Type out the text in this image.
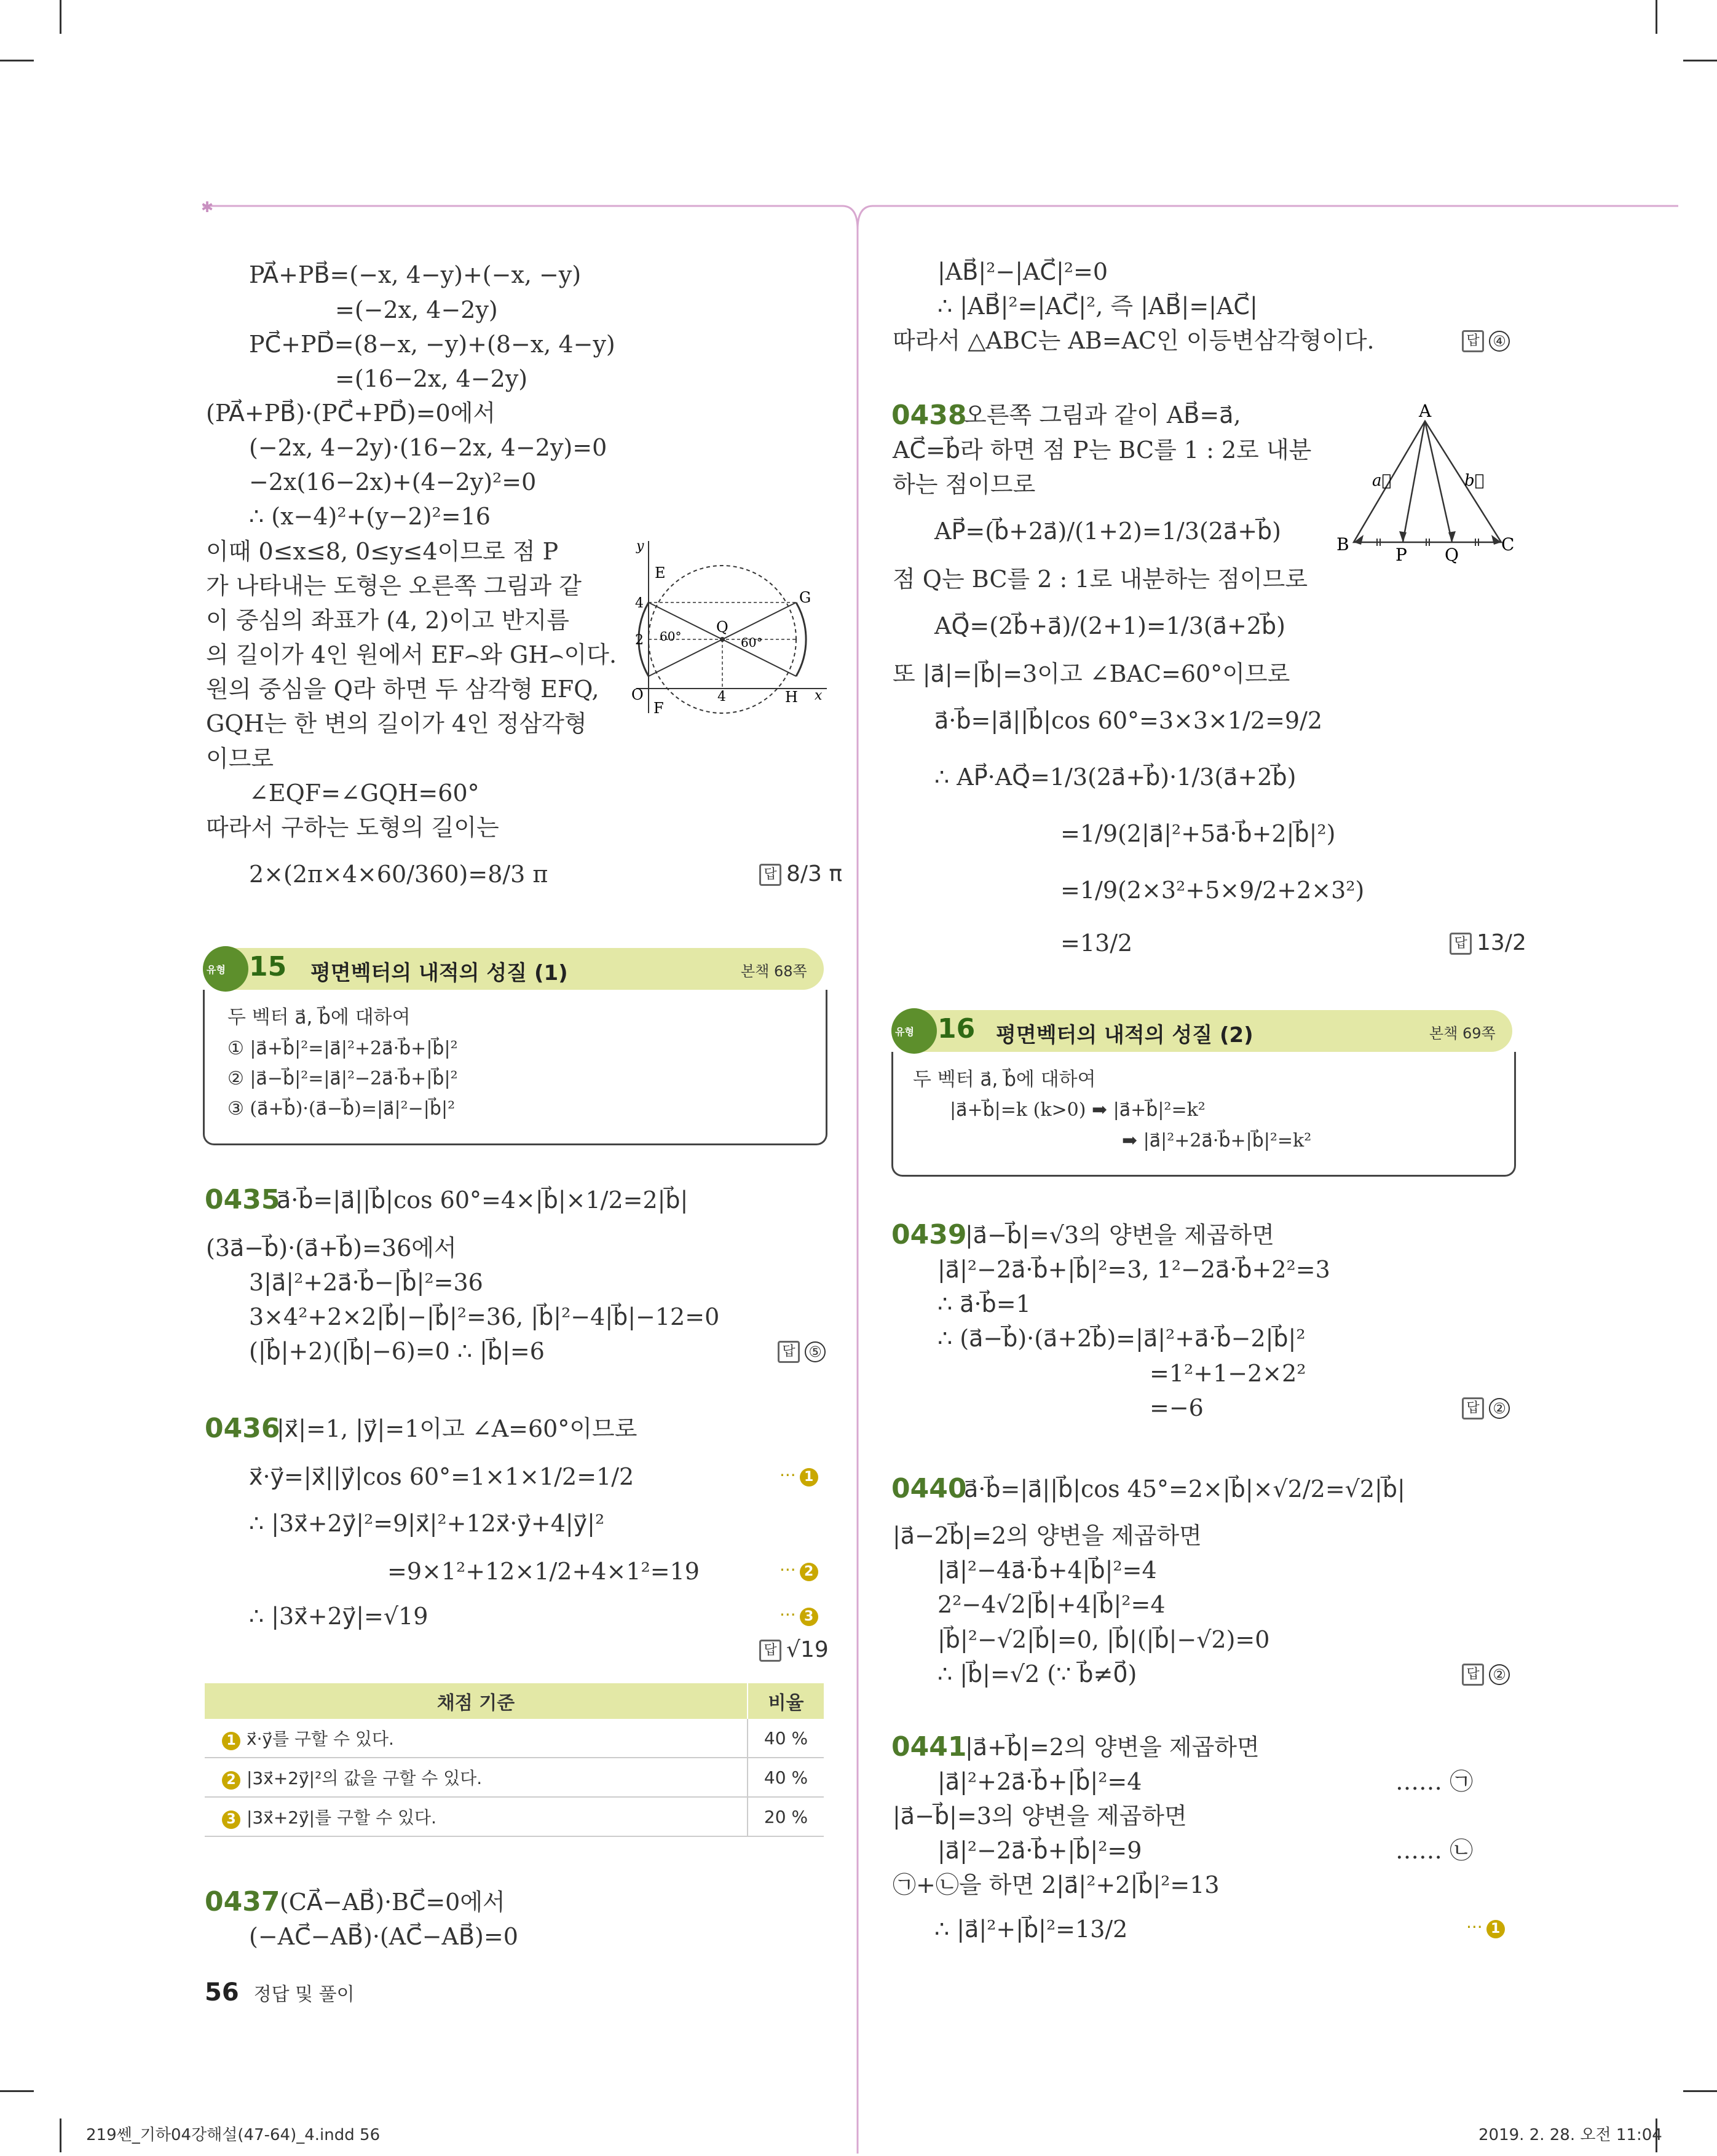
✱
PA⃗+PB⃗=(−x, 4−y)+(−x, −y)
=(−2x, 4−2y)
PC⃗+PD⃗=(8−x, −y)+(8−x, 4−y)
=(16−2x, 4−2y)
(PA⃗+PB⃗)·(PC⃗+PD⃗)=0에서
(−2x, 4−2y)·(16−2x, 4−2y)=0
−2x(16−2x)+(4−2y)²=0
∴ (x−4)²+(y−2)²=16
이때 0≤x≤8, 0≤y≤4이므로 점 P
가 나타내는 도형은 오른쪽 그림과 같
이 중심의 좌표가 (4, 2)이고 반지름
의 길이가 4인 원에서 EF⌢와 GH⌢이다.
원의 중심을 Q라 하면 두 삼각형 EFQ,
GQH는 한 변의 길이가 4인 정삼각형
이므로
∠EQF=∠GQH=60°
따라서 구하는 도형의 길이는
2×(2π×4×60/360)=8/3 π	답 8/3 π
y
x
O
E
F
G
H
Q
4
4
2 60°	60°
유형 15 평면벡터의 내적의 성질 (1)	본책 68쪽
두 벡터 a⃗, b⃗에 대하여
① |a⃗+b⃗|²=|a⃗|²+2a⃗·b⃗+|b⃗|²
② |a⃗−b⃗|²=|a⃗|²−2a⃗·b⃗+|b⃗|²
③ (a⃗+b⃗)·(a⃗−b⃗)=|a⃗|²−|b⃗|²
0435
a⃗·b⃗=|a⃗||b⃗|cos 60°=4×|b⃗|×1/2=2|b⃗|
(3a⃗−b⃗)·(a⃗+b⃗)=36에서
3|a⃗|²+2a⃗·b⃗−|b⃗|²=36
3×4²+2×2|b⃗|−|b⃗|²=36, |b⃗|²−4|b⃗|−12=0
(|b⃗|+2)(|b⃗|−6)=0 ∴ |b⃗|=6	답 ⑤
0436
|x⃗|=1, |y⃗|=1이고 ∠A=60°이므로
x⃗·y⃗=|x⃗||y⃗|cos 60°=1×1×1/2=1/2	··· 1
∴ |3x⃗+2y⃗|²=9|x⃗|²+12x⃗·y⃗+4|y⃗|²
=9×1²+12×1/2+4×1²=19	··· 2
∴ |3x⃗+2y⃗|=√19	··· 3
답 √19
채점 기준	비율
1 x⃗·y⃗를 구할 수 있다.	40 %
2 |3x⃗+2y⃗|²의 값을 구할 수 있다.	40 %
3 |3x⃗+2y⃗|를 구할 수 있다.	20 %
0437 (CA⃗−AB⃗)·BC⃗=0에서
(−AC⃗−AB⃗)·(AC⃗−AB⃗)=0
56 정답 및 풀이
|AB⃗|²−|AC⃗|²=0
∴ |AB⃗|²=|AC⃗|², 즉 |AB⃗|=|AC⃗|
따라서 △ABC는 AB=AC인 이등변삼각형이다.	답 ④
0438
오른쪽 그림과 같이 AB⃗=a⃗,
AC⃗=b⃗라 하면 점 P는 BC를 1 : 2로 내분
하는 점이므로
AP⃗=(b⃗+2a⃗)/(1+2)=1/3(2a⃗+b⃗)
점 Q는 BC를 2 : 1로 내분하는 점이므로
AQ⃗=(2b⃗+a⃗)/(2+1)=1/3(a⃗+2b⃗)
또 |a⃗|=|b⃗|=3이고 ∠BAC=60°이므로
a⃗·b⃗=|a⃗||b⃗|cos 60°=3×3×1/2=9/2
∴ AP⃗·AQ⃗=1/3(2a⃗+b⃗)·1/3(a⃗+2b⃗)
=1/9(2|a⃗|²+5a⃗·b⃗+2|b⃗|²)
=1/9(2×3²+5×9/2+2×3²)
=13/2	답 13/2
A
B	C
P Q
a⃗	b⃗
유형 16 평면벡터의 내적의 성질 (2)	본책 69쪽
두 벡터 a⃗, b⃗에 대하여
|a⃗+b⃗|=k (k>0) ➡ |a⃗+b⃗|²=k²
➡ |a⃗|²+2a⃗·b⃗+|b⃗|²=k²
0439
|a⃗−b⃗|=√3의 양변을 제곱하면
|a⃗|²−2a⃗·b⃗+|b⃗|²=3, 1²−2a⃗·b⃗+2²=3
∴ a⃗·b⃗=1
∴ (a⃗−b⃗)·(a⃗+2b⃗)=|a⃗|²+a⃗·b⃗−2|b⃗|²
=1²+1−2×2²
=−6	답 ②
0440
a⃗·b⃗=|a⃗||b⃗|cos 45°=2×|b⃗|×√2/2=√2|b⃗|
|a⃗−2b⃗|=2의 양변을 제곱하면
|a⃗|²−4a⃗·b⃗+4|b⃗|²=4
2²−4√2|b⃗|+4|b⃗|²=4
|b⃗|²−√2|b⃗|=0, |b⃗|(|b⃗|−√2)=0
∴ |b⃗|=√2 (∵ b⃗≠0⃗)	답 ②
0441
|a⃗+b⃗|=2의 양변을 제곱하면
|a⃗|²+2a⃗·b⃗+|b⃗|²=4	…… ㉠
|a⃗−b⃗|=3의 양변을 제곱하면
|a⃗|²−2a⃗·b⃗+|b⃗|²=9	…… ㉡
㉠+㉡을 하면 2|a⃗|²+2|b⃗|²=13
∴ |a⃗|²+|b⃗|²=13/2	··· 1
219쎈_기하04강해설(47-64)_4.indd 56	2019. 2. 28. 오전 11:04
